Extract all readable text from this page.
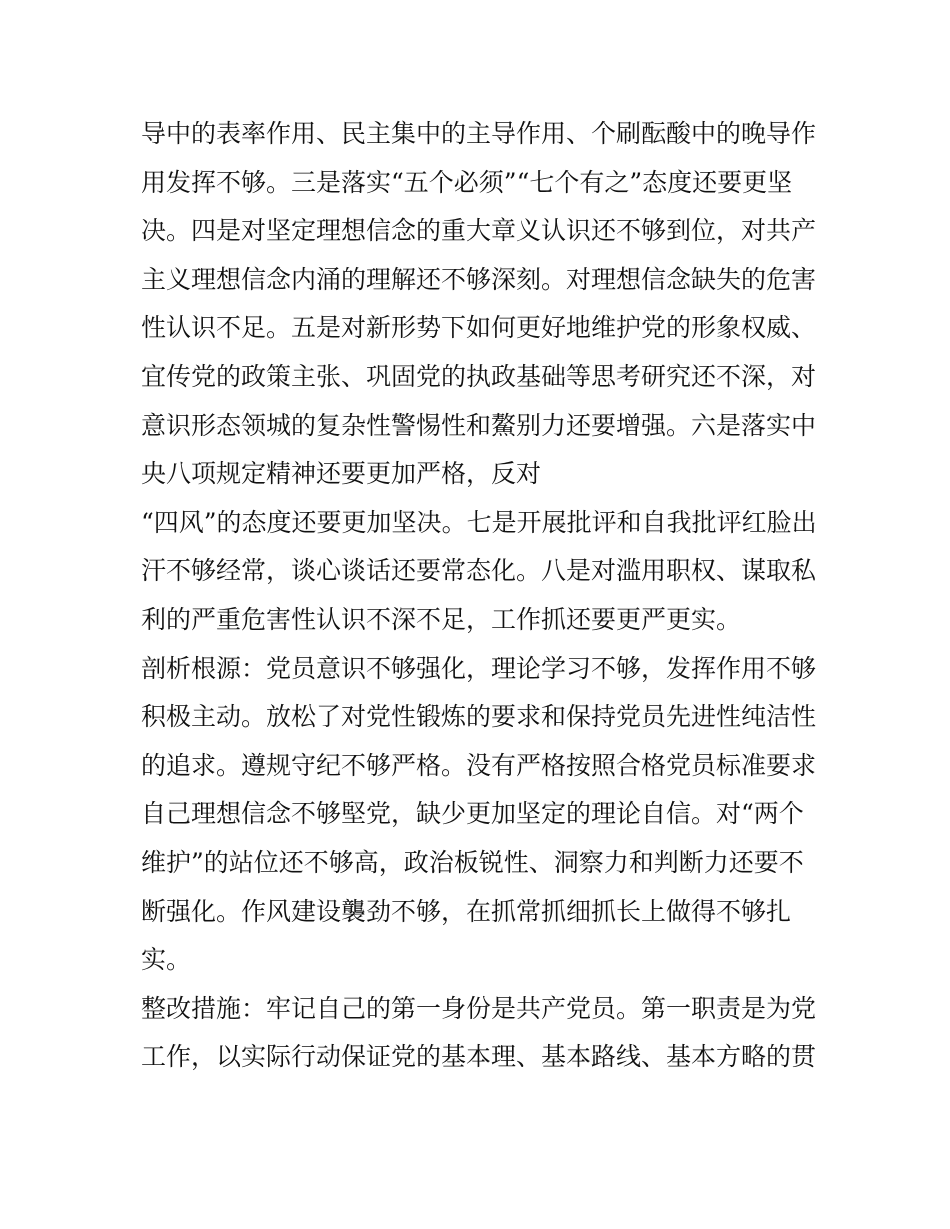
导中的表率作用、民主集中的主导作用、个刷酝酸中的晚导作
用发挥不够。三是落实“五个必须”“七个有之”态度还要更坚
决。四是对坚定理想信念的重大章义认识还不够到位，对共产
主义理想信念内涌的理解还不够深刻。对理想信念缺失的危害
性认识不足。五是对新形势下如何更好地维护党的形象权威、
宜传党的政策主张、巩固党的执政基础等思考研究还不深，对
意识形态领城的复杂性警惕性和鰲别力还要增强。六是落实中
央八项规定精神还要更加严格，反对
“四风”的态度还要更加坚决。七是开展批评和自我批评红脸出
汗不够经常，谈心谈话还要常态化。八是对滥用职权、谋取私
利的严重危害性认识不深不足，工作抓还要更严更实。
剖析根源：党员意识不够强化，理论学习不够，发挥作用不够
积极主动。放松了对党性锻炼的要求和保持党员先进性纯洁性
的追求。遵规守纪不够严格。没有严格按照合格党员标准要求
自己理想信念不够堅党，缺少更加坚定的理论自信。对“两个
维护”的站位还不够高，政治板锐性、洞察力和判断力还要不
断强化。作风建设襲劲不够，在抓常抓细抓长上做得不够扎
实。
整改措施：牢记自己的第一身份是共产党员。第一职责是为党
工作，以实际行动保证党的基本理、基本路线、基本方略的贯
